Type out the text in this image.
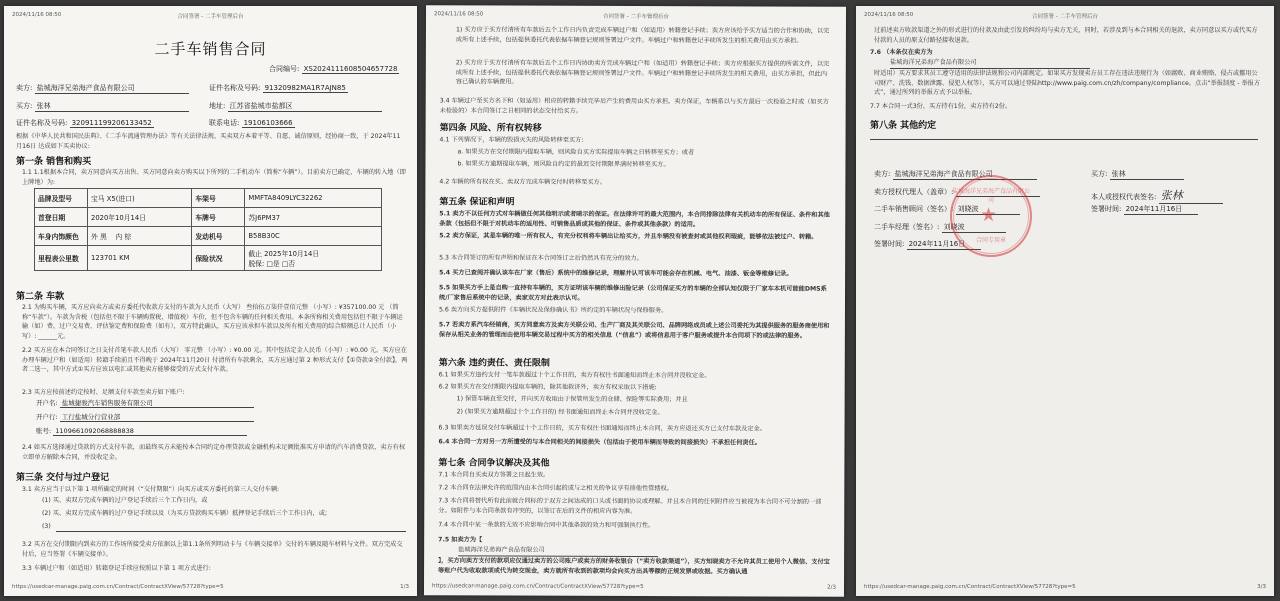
2024/11/16 08:50	合同签署 - 二手车管理后台
二手车销售合同
合同编号: XS2024111608504657728
卖方: 盐城海洋兄弟海产食品有限公司	证件名称及号码: 91320982MA1R7AJN85
买方: 张林	地址: 江苏省盐城市盐都区
证件名称及号码: 320911199206133452	联系电话: 19106103666
根据《中华人民共和国民法典》、《二手车流通管理办法》等有关法律法规，买卖双方本着平等、自愿、诚信原则，经协商一致，于 2024年11月16日 达成如下买卖协议:
第一条 销售和购买
1.1 1.1根据本合同，卖方同意向买方出售、买方同意向卖方购买以下所列的二手机动车（简称“车辆”）。目前卖方已确定，车辆的转入地（即上牌地）为:
品牌及型号	宝马 X5(进口)	车架号	MMFTA8409LYC32262
首登日期	2020年10月14日	车牌号	苏J6PM37
车身内饰颜色	外 黑 内 棕	发动机号	B58B30C
里程表公里数	123701 KM	保险状况	截止 2025年10月14日
脱保: □是 □否
第二条 车款
2.1 为购买车辆，买方应向卖方或卖方委托代收款方支付的车款为人民币（大写） 叁拾伍万柒仟壹佰元整 （小写）: ¥357100.00 元 （简称“车款”）。车款为含税（包括但不限于车辆购置税、增值税）车价，但不包含车辆的任何相关费用。本条所称相关费用包括但不限于车辆运输（如）费、过户交易费、评估鉴定费和保险费（如有），双方特此确认，买方应该承担车款以及所有相关费用的综合赔额总计人民币（小写）: ______元。
2.2 买方应在本合同签订之日支付首笔车款人民币（大写） 零元整 （小写）: ¥0.00 元。其中包括定金人民币（小写）: ¥0.00 元。买方应在办理车辆过户和（如适用）转籍手续前且不得晚于 2024年11月20日 付清所有车款剩余，买方应通过第 2 种形式支付【①贷款②全付款】，两者二选一，其中方式①买方应该以电汇或其他卖方能够接受的方式支付车款。
2.3 买方应按前述约定按时、足额支付车款至卖方如下账户:
开户名: 盐城捷骏汽车销售服务有限公司
开户行: 工行盐城分行营业部
账号: 1109661092068888838
2.4 如买方选择通过贷款的方式支付车款，而最终买方未能按本合同约定办理贷款或金融机构未足额批准买方申请的汽车消费贷款，卖方有权立即单方解除本合同，并没收定金。
第三条 交付与过户登记
3.1 卖方应当于以下第 1 项所确定的时间（“交付期限”）向买方或买方委托的第三人交付车辆:
(1) 买、卖双方完成车辆的过户登记手续后三个工作日内，或
(2) 买、卖双方完成车辆的过户登记手续以及（为买方贷款购买车辆）抵押登记手续后三个工作日内，或;
(3)
3.2 买方在交付期限内到卖方的工作场所接受卖方依据以上第1.1条所列明动卡与《车辆交接单》交付的车辆及随车材料与文件。双方完成交付后，应当签署《车辆交接单》。
3.3 车辆过户和（如适用）转籍登记手续应按照以下第 1 项方式进行:
https://usedcar-manage.paig.com.cn/Contract/ContractXView/57728?type=5	1/3
2024/11/16 08:50	合同签署 - 二手车管理后台
1) 买方应于买方付清所有车款后五个工作日内负责完成车辆过户和（如适用）转籍登记手续；卖方应该给予买方适当的合作和协助，以完成所有上述手续，包括提供委托代表依据车辆登记规则签署过户文件。车辆过户和转籍登记手续所发生的相关费用由买方承担。
2) 买方应于买方付清所有车款后五个工作日内协助卖方完成车辆过户和（如适用）转籍登记手续；卖方应根据买方提供的所需文件，以完成所有上述手续，包括提供委托代表依据车辆登记规则签署过户文件。车辆过户和转籍登记手续所发生的相关费用，由买方承担，但此内容已确认的车辆费用。
3.4 车辆过户至买方名下和（如适用）相应的转籍手续完毕后产生的费用由买方承担。卖方保证，车辆系以与买方最后一次检验之时或（如买方未检验的）本合同签订之日相同的状态交付给买方。
第四条 风险、所有权转移
4.1 下列情况下，车辆的毁损灭失的风险转移至买方:
a. 如果买方在交付期限内提取车辆，则风险自买方实际提取车辆之日转移至买方；或者
b. 如果买方逾期提取车辆，则风险自约定的最迟交付期限界满时转移至买方。
4.2 车辆的所有权在买、卖双方完成车辆交付时转移至买方。
第五条 保证和声明
5.1 卖方不以任何方式对车辆做任何其他明示或者暗示的保证。在法律许可的最大范围内，本合同排除法律有关机动车的所有保证、条件和其他条款（包括但不限于对机动车的适用性、可销售品质或其他的保证、条件或其他条款）的适用。
5.2 卖方保证，其是车辆的唯一所有权人，有充分权利将车辆出让给买方，并且车辆没有被查封或其他权利瑕疵，能够依法被过户、转籍。
5.3 本合同签订的所有声明和保证在本合同签订之后仍然具有充分的效力。
5.4 买方已查阅并确认该车在厂家（售后）系统中的维修记录，理解并认可该车可能会存在机械、电气、油漆、钣金等维修记录。
5.5 如果买方手上是自购一直持有车辆的，买方证明该车辆的维修出险记录（公司保证买方的车辆的全部认知仅限于厂家车本机可能能DMS系统/厂家售后系统中的记录，卖家双方对此表示认可。
5.6 卖方向买方提供附件《车辆状况及保修确认书》所约定的车辆状况与保修服务。
5.7 若卖方系汽车经销商，买方同意卖方及卖方关联公司、生产厂商及其关联公司、品牌网络成员或上述公司委托为其提供服务的服务商使用和保存从相关业务的管理而由使用车辆交易过程中买方的相关信息（“信息”）或将信息用于客户服务或提升本合同项下的或法律的服务。
第六条 违约责任、责任限制
6.1 如果买方违约支付一笔车款超过十个工作日的，卖方有权往书面通知而终止本合同并没收定金。
6.2 如果买方在交付期限内提取车辆的，除其他救济外，卖方有权采取以下措施:
1) 保管车辆直至交付，并向买方收取由于保管所发生的仓储、保险等实际费用；并且
2) (如果买方逾期超过十个工作日的) 经书面通知而终止本合同并没收定金。
6.3 如果卖方延误交付车辆超过十个工作日的，买方有权往书面通知而终止本合同，卖方应返还买方已支付车款及定金。
6.4 本合同一方对另一方所遭受的与本合同相关的间接损失（包括由于使用车辆而导致的间接损失）不承担任何责任。
第七条 合同争议解决及其他
7.1 本合同自买卖双方签署之日起生效。
7.2 本合同在法律允许的范围内由本合同引起的或与之相关的争议享有排他性管辖权。
7.3 本合同将替代所有此前就合同标的于双方之间达成的口头或书面的协议或理解。并且本合同的任何附件应当被视为本合同不可分割的一部分。如附件与本合同条款有冲突的，以签订在后的文件的相应内容为准。
7.4 本合同中某一条款的无效不应影响合同中其他条款的效力和可强制执行性。
7.5 如卖方为【
盐城海洋兄弟海产食品有限公司
】，买方向卖方支付的款项应仅通过卖方的公司账户或卖方的财务收银台（“卖方收款渠道”），买方知晓卖方不允许其员工使用个人微信、支付宝等账户代为收取款项或代为转交现金，卖方就所有收到的款项均会向买方出具等额的正规发票或收据。买方确认通
https://usedcar-manage.paig.com.cn/Contract/ContractXView/57728?type=5	2/3
2024/11/16 08:50	合同签署 - 二手车管理后台
过前述卖方收款渠道之外的形式进行的付款及由此引发的纠纷均与卖方无关，同时，若涉及到与本合同相关的退款，卖方同意以买方或代买方付款的人员的原支付路径接收退款。
7.6 （本条仅在卖方为
盐城海洋兄弟海产食品有限公司
时适用）买方要求其员工遵守适用的法律法规和公司内部规定。如果买方发现卖方员工存在违法违规行为（如腐败、商业贿赂、侵占或挪用公司财产、洗钱、数据泄露、侵犯人权等），买方可以通过登陆http://www.paig.com.cn/zh/company/compliance。点击“举报制度 - 举报方式”，通过所列的举报方式予以举报。
7.7 本合同一式3份，买方持有1份，卖方持有2份。
第八条 其他约定
卖方: 盐城海洋兄弟海产食品有限公司	买方: 张林
卖方授权代理人（盖章）:
本人或授权代表签名: 张林
二手车销售顾问（签名）: 刘晓波	签署时间: 2024年11月16日
二手车经理（签名）: 刘晓波
签署时间: 2024年11月16日
https://usedcar-manage.paig.com.cn/Contract/ContractXView/57728?type=5	3/3
盐城海洋兄弟海产食品有限公司
★
合同专用章
